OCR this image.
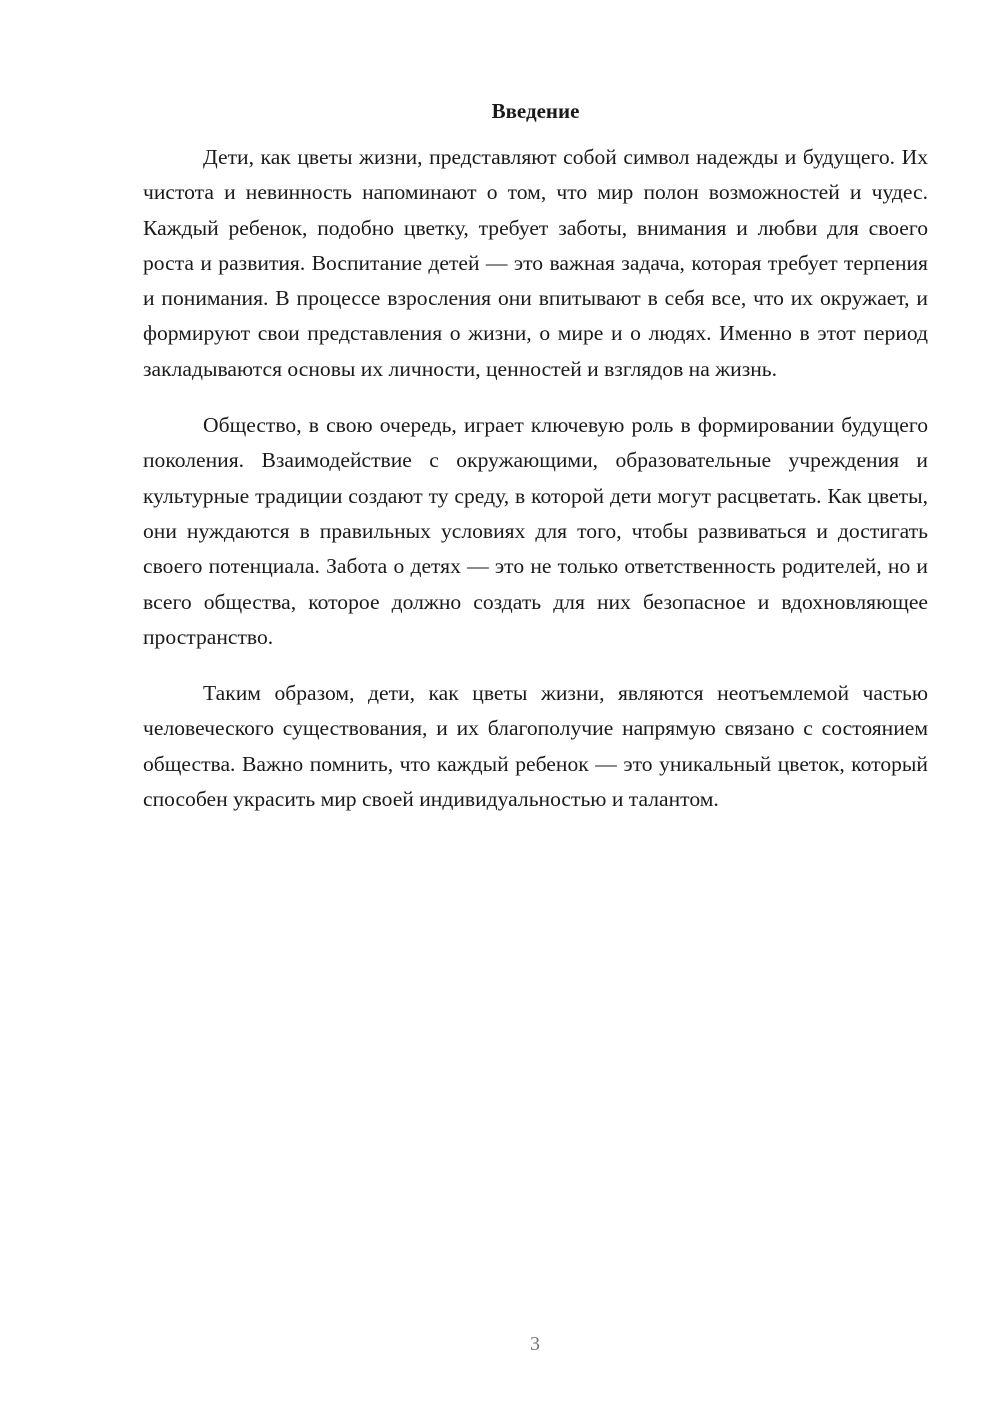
Введение

Дети, как цветы жизни, представляют собой символ надежды и будущего. Их чистота и невинность напоминают о том, что мир полон возможностей и чудес. Каждый ребенок, подобно цветку, требует заботы, внимания и любви для своего роста и развития. Воспитание детей — это важная задача, которая требует терпения и понимания. В процессе взросления они впитывают в себя все, что их окружает, и формируют свои представления о жизни, о мире и о людях. Именно в этот период закладываются основы их личности, ценностей и взглядов на жизнь.

Общество, в свою очередь, играет ключевую роль в формировании будущего поколения. Взаимодействие с окружающими, образовательные учреждения и культурные традиции создают ту среду, в которой дети могут расцветать. Как цветы, они нуждаются в правильных условиях для того, чтобы развиваться и достигать своего потенциала. Забота о детях — это не только ответственность родителей, но и всего общества, которое должно создать для них безопасное и вдохновляющее пространство.

Таким образом, дети, как цветы жизни, являются неотъемлемой частью человеческого существования, и их благополучие напрямую связано с состоянием общества. Важно помнить, что каждый ребенок — это уникальный цветок, который способен украсить мир своей индивидуальностью и талантом.

3
